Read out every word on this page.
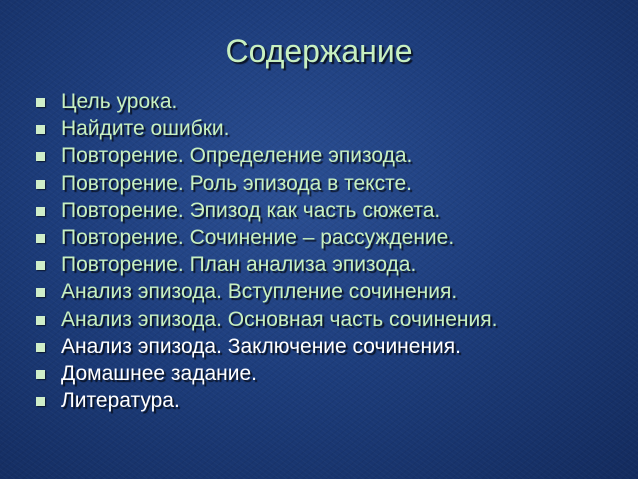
Содержание
Цель урока.
Найдите ошибки.
Повторение. Определение эпизода.
Повторение. Роль эпизода в тексте.
Повторение. Эпизод как часть сюжета.
Повторение. Сочинение – рассуждение.
Повторение. План анализа эпизода.
Анализ эпизода. Вступление сочинения.
Анализ эпизода. Основная часть сочинения.
Анализ эпизода. Заключение сочинения.
Домашнее задание.
Литература.
